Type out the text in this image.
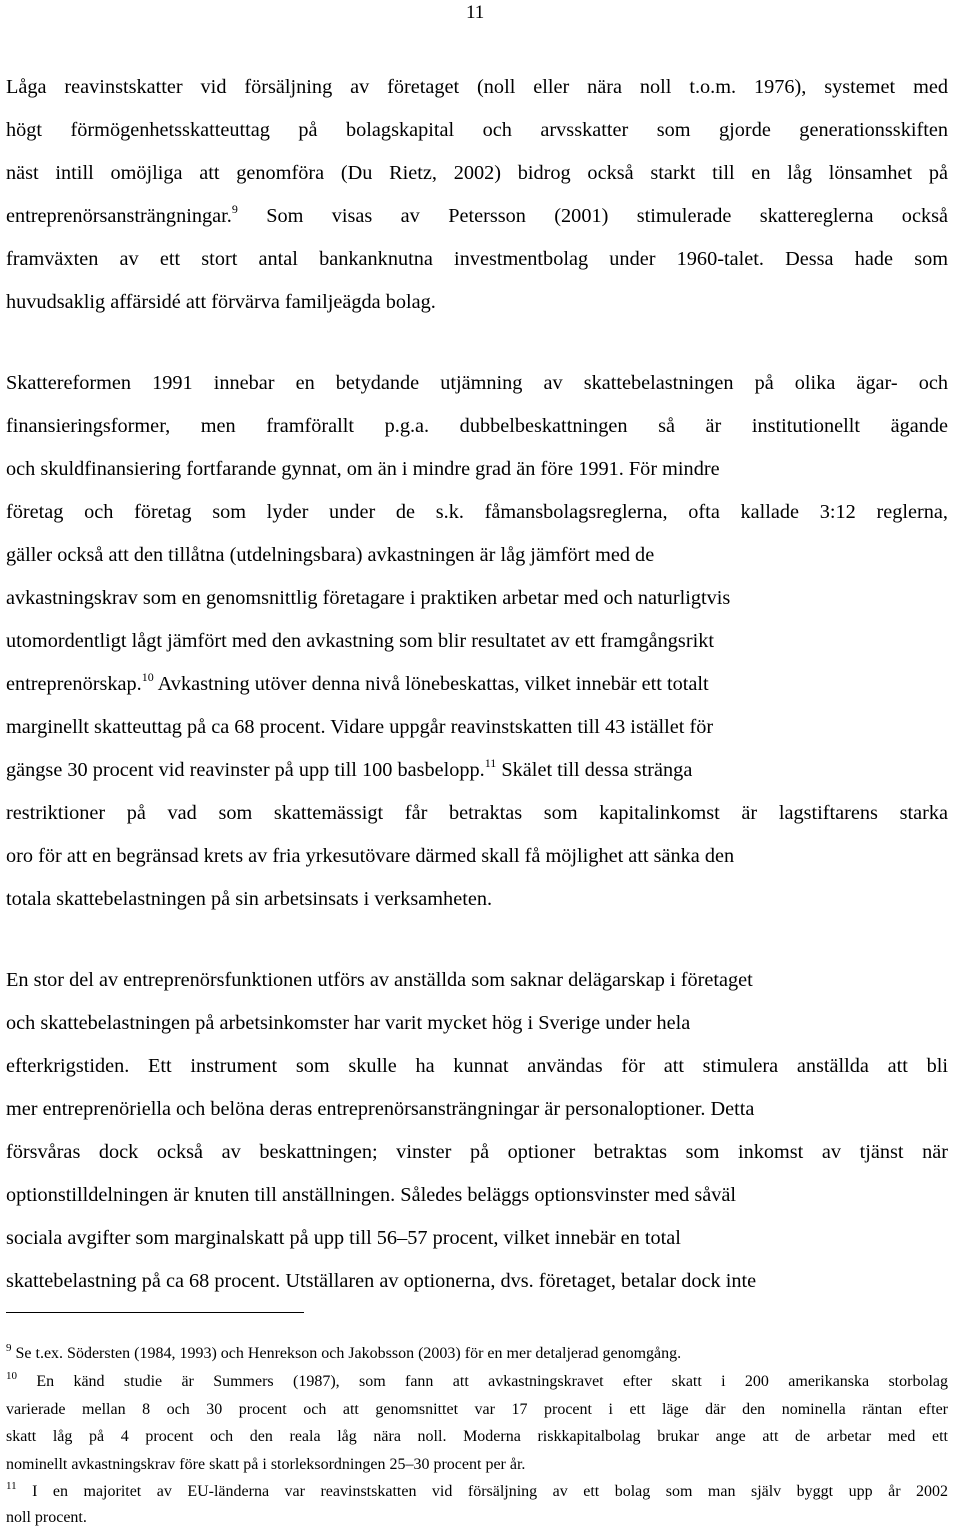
11
Låga reavinstskatter vid försäljning av företaget (noll eller nära noll t.o.m. 1976), systemet med
högt förmögenhetsskatteuttag på bolagskapital och arvsskatter som gjorde generationsskiften
näst intill omöjliga att genomföra (Du Rietz, 2002) bidrog också starkt till en låg lönsamhet på
entreprenörsansträngningar.$^9$ Som visas av Petersson (2001) stimulerade skattereglerna också
framväxten av ett stort antal bankanknutna investmentbolag under 1960-talet. Dessa hade som
huvudsaklig affärsidé att förvärva familjeägda bolag.
Skattereformen 1991 innebar en betydande utjämning av skattebelastningen på olika ägar- och
finansieringsformer, men framförallt p.g.a. dubbelbeskattningen så är institutionellt ägande
och skuldfinansiering fortfarande gynnat, om än i mindre grad än före 1991. För mindre
företag och företag som lyder under de s.k. fåmansbolagsreglerna, ofta kallade 3:12 reglerna,
gäller också att den tillåtna (utdelningsbara) avkastningen är låg jämfört med de
avkastningskrav som en genomsnittlig företagare i praktiken arbetar med och naturligtvis
utomordentligt lågt jämfört med den avkastning som blir resultatet av ett framgångsrikt
entreprenörskap.$^{10}$ Avkastning utöver denna nivå lönebeskattas, vilket innebär ett totalt
marginellt skatteuttag på ca 68 procent. Vidare uppgår reavinstskatten till 43 istället för
gängse 30 procent vid reavinster på upp till 100 basbelopp.$^{11}$ Skälet till dessa stränga
restriktioner på vad som skattemässigt får betraktas som kapitalinkomst är lagstiftarens starka
oro för att en begränsad krets av fria yrkesutövare därmed skall få möjlighet att sänka den
totala skattebelastningen på sin arbetsinsats i verksamheten.
En stor del av entreprenörsfunktionen utförs av anställda som saknar delägarskap i företaget
och skattebelastningen på arbetsinkomster har varit mycket hög i Sverige under hela
efterkrigstiden. Ett instrument som skulle ha kunnat användas för att stimulera anställda att bli
mer entreprenöriella och belöna deras entreprenörsansträngningar är personaloptioner. Detta
försvåras dock också av beskattningen; vinster på optioner betraktas som inkomst av tjänst när
optionstilldelningen är knuten till anställningen. Således beläggs optionsvinster med såväl
sociala avgifter som marginalskatt på upp till 56–57 procent, vilket innebär en total
skattebelastning på ca 68 procent. Utställaren av optionerna, dvs. företaget, betalar dock inte
$^9$ Se t.ex. Södersten (1984, 1993) och Henrekson och Jakobsson (2003) för en mer detaljerad genomgång.
$^{10}$ En känd studie är Summers (1987), som fann att avkastningskravet efter skatt i 200 amerikanska storbolag
varierade mellan 8 och 30 procent och att genomsnittet var 17 procent i ett läge där den nominella räntan efter
skatt låg på 4 procent och den reala låg nära noll. Moderna riskkapitalbolag brukar ange att de arbetar med ett
nominellt avkastningskrav före skatt på i storleksordningen 25–30 procent per år.
$^{11}$ I en majoritet av EU-länderna var reavinstskatten vid försäljning av ett bolag som man själv byggt upp år 2002
noll procent.
